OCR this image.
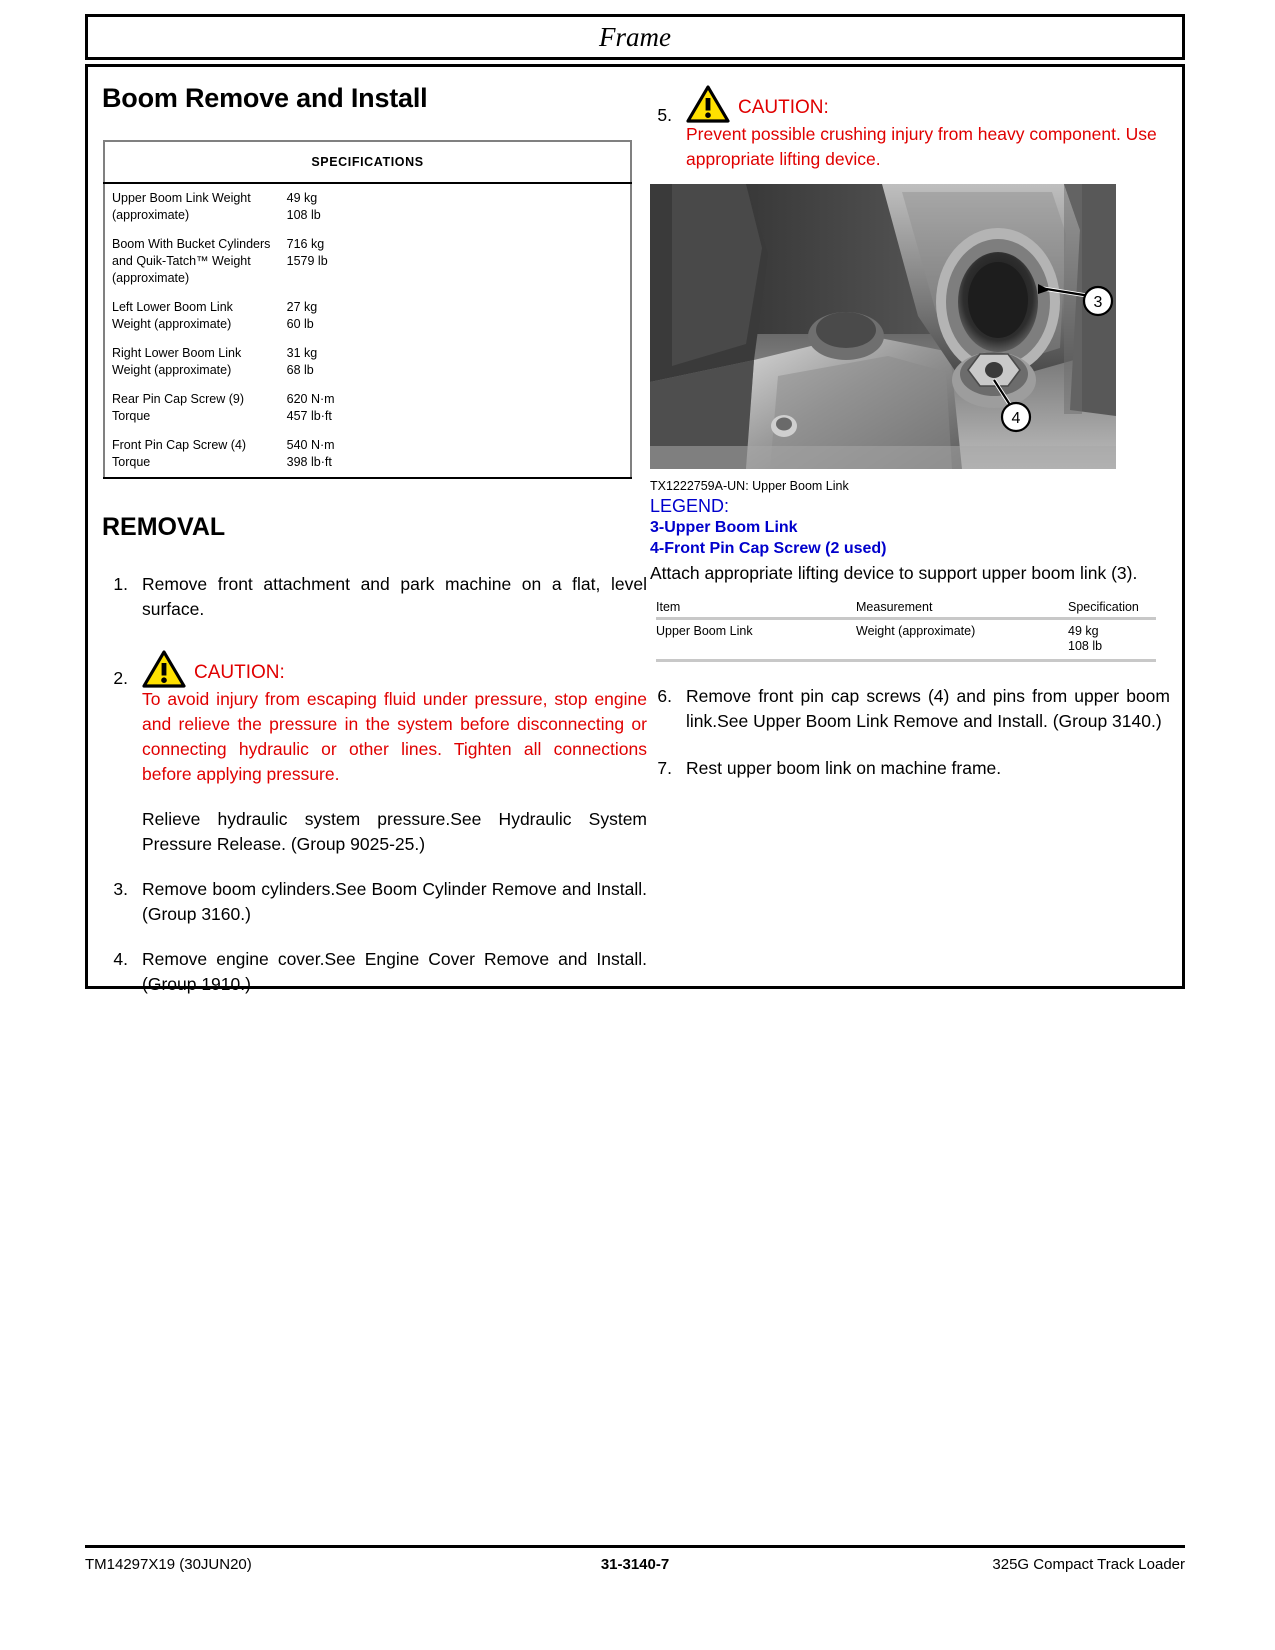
Frame
Boom Remove and Install
SPECIFICATIONS		
Upper Boom Link Weight (approximate)	49 kg
108 lb	

Boom With Bucket Cylinders and Quik-Tatch™ Weight (approximate)	716 kg
1579 lb	

Left Lower Boom Link Weight (approximate)	27 kg
60 lb	

Right Lower Boom Link Weight (approximate)	31 kg
68 lb	

Rear Pin Cap Screw (9) Torque	620 N·m
457 lb·ft	

Front Pin Cap Screw (4) Torque	540 N·m
398 lb·ft	

REMOVAL
1. Remove front attachment and park machine on a flat, level surface.
2.	CAUTION:
To avoid injury from escaping fluid under pressure, stop engine and relieve the pressure in the system before disconnecting or connecting hydraulic or other lines. Tighten all connections before applying pressure.
Relieve hydraulic system pressure.See Hydraulic System Pressure Release. (Group 9025-25.)
3. Remove boom cylinders.See Boom Cylinder Remove and Install. (Group 3160.)
4. Remove engine cover.See Engine Cover Remove and Install. (Group 1910.)
5.	CAUTION:
Prevent possible crushing injury from heavy component. Use appropriate lifting device.
3
4
TX1222759A-UN: Upper Boom Link
LEGEND:
3-Upper Boom Link
4-Front Pin Cap Screw (2 used)
Attach appropriate lifting device to support upper boom link (3).
Item	Measurement	Specification
Upper Boom Link	Weight (approximate)	49 kg
108 lb
6. Remove front pin cap screws (4) and pins from upper boom link.See Upper Boom Link Remove and Install. (Group 3140.)
7. Rest upper boom link on machine frame.
TM14297X19 (30JUN20)	31-3140-7	325G Compact Track Loader
